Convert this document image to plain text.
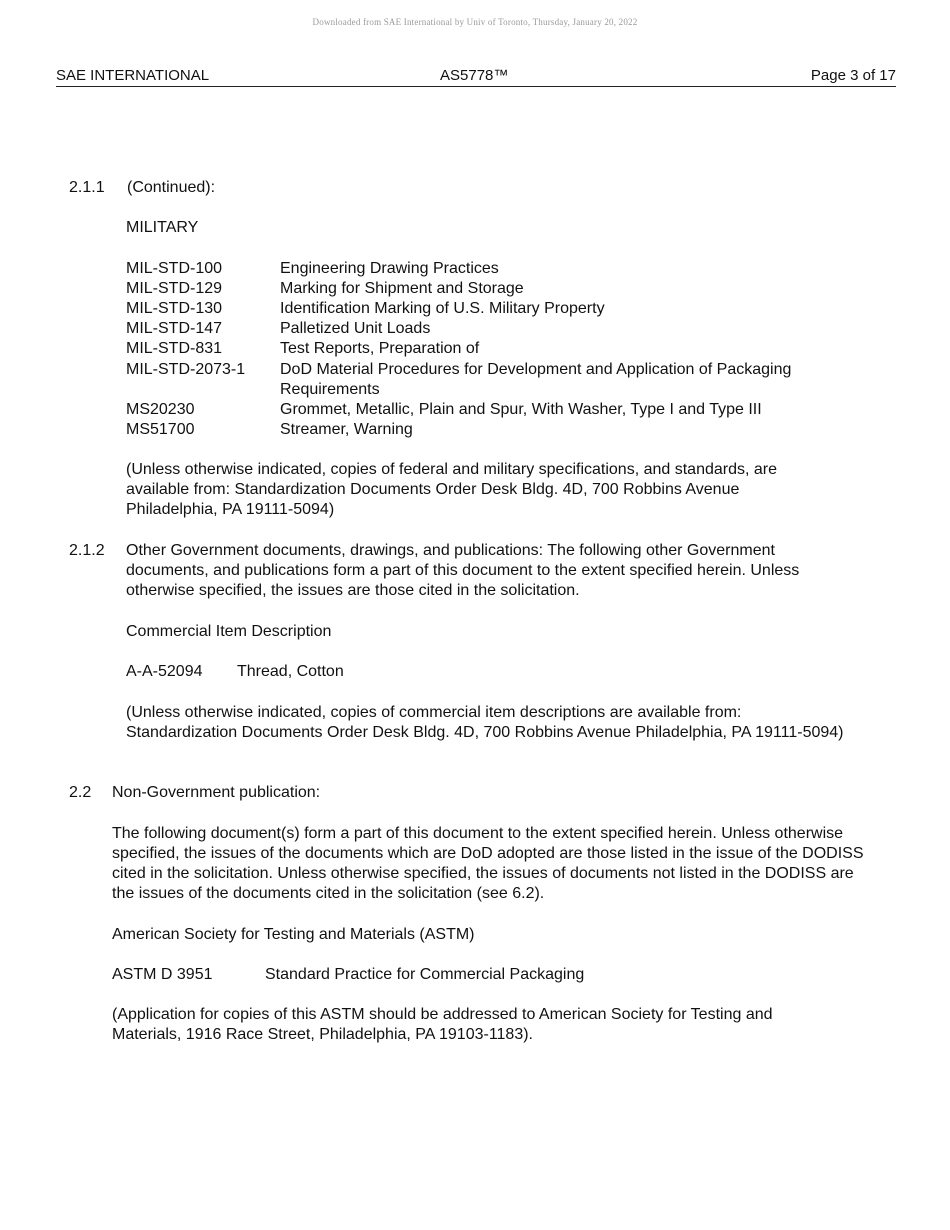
Downloaded from SAE International by Univ of Toronto, Thursday, January 20, 2022
SAE INTERNATIONAL	AS5778™	Page 3 of 17
2.1.1 (Continued):
MILITARY
MIL-STD-100	Engineering Drawing Practices
MIL-STD-129	Marking for Shipment and Storage
MIL-STD-130	Identification Marking of U.S. Military Property
MIL-STD-147	Palletized Unit Loads
MIL-STD-831	Test Reports, Preparation of
MIL-STD-2073-1 DoD Material Procedures for Development and Application of Packaging Requirements
MS20230	Grommet, Metallic, Plain and Spur, With Washer, Type I and Type III
MS51700	Streamer, Warning
(Unless otherwise indicated, copies of federal and military specifications, and standards, are available from: Standardization Documents Order Desk Bldg. 4D, 700 Robbins Avenue Philadelphia, PA 19111-5094)
2.1.2 Other Government documents, drawings, and publications: The following other Government documents, and publications form a part of this document to the extent specified herein. Unless otherwise specified, the issues are those cited in the solicitation.
Commercial Item Description
A-A-52094 Thread, Cotton
(Unless otherwise indicated, copies of commercial item descriptions are available from: Standardization Documents Order Desk Bldg. 4D, 700 Robbins Avenue Philadelphia, PA 19111-5094)
2.2 Non-Government publication:
The following document(s) form a part of this document to the extent specified herein. Unless otherwise specified, the issues of the documents which are DoD adopted are those listed in the issue of the DODISS cited in the solicitation. Unless otherwise specified, the issues of documents not listed in the DODISS are the issues of the documents cited in the solicitation (see 6.2).
American Society for Testing and Materials (ASTM)
ASTM D 3951	Standard Practice for Commercial Packaging
(Application for copies of this ASTM should be addressed to American Society for Testing and Materials, 1916 Race Street, Philadelphia, PA 19103-1183).
